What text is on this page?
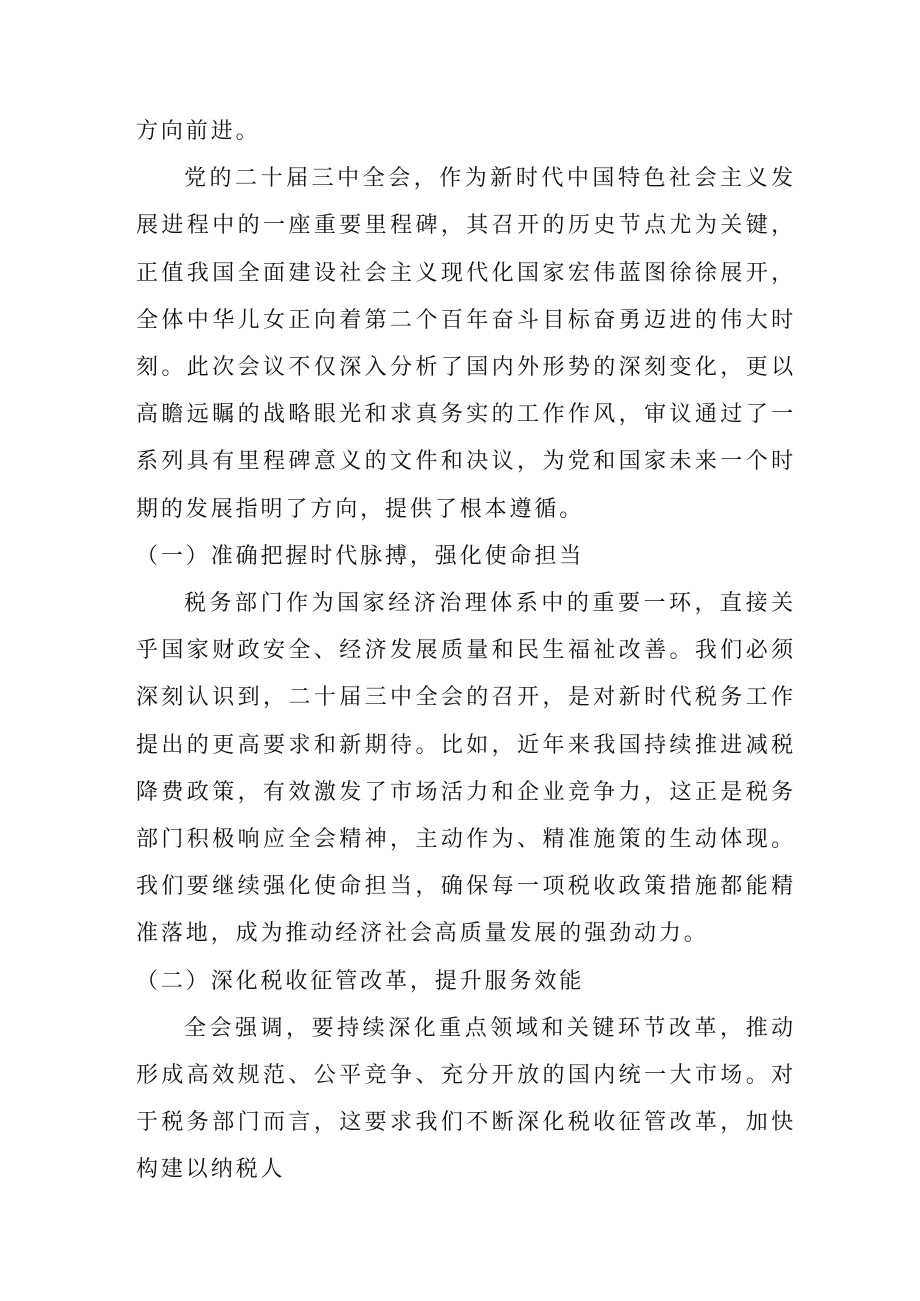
方向前进。

党的二十届三中全会，作为新时代中国特色社会主义发展进程中的一座重要里程碑，其召开的历史节点尤为关键，正值我国全面建设社会主义现代化国家宏伟蓝图徐徐展开，全体中华儿女正向着第二个百年奋斗目标奋勇迈进的伟大时刻。此次会议不仅深入分析了国内外形势的深刻变化，更以高瞻远瞩的战略眼光和求真务实的工作作风，审议通过了一系列具有里程碑意义的文件和决议，为党和国家未来一个时期的发展指明了方向，提供了根本遵循。

（一）准确把握时代脉搏，强化使命担当

税务部门作为国家经济治理体系中的重要一环，直接关乎国家财政安全、经济发展质量和民生福祉改善。我们必须深刻认识到，二十届三中全会的召开，是对新时代税务工作提出的更高要求和新期待。比如，近年来我国持续推进减税降费政策，有效激发了市场活力和企业竞争力，这正是税务部门积极响应全会精神，主动作为、精准施策的生动体现。我们要继续强化使命担当，确保每一项税收政策措施都能精准落地，成为推动经济社会高质量发展的强劲动力。

（二）深化税收征管改革，提升服务效能

全会强调，要持续深化重点领域和关键环节改革，推动形成高效规范、公平竞争、充分开放的国内统一大市场。对于税务部门而言，这要求我们不断深化税收征管改革，加快构建以纳税人
